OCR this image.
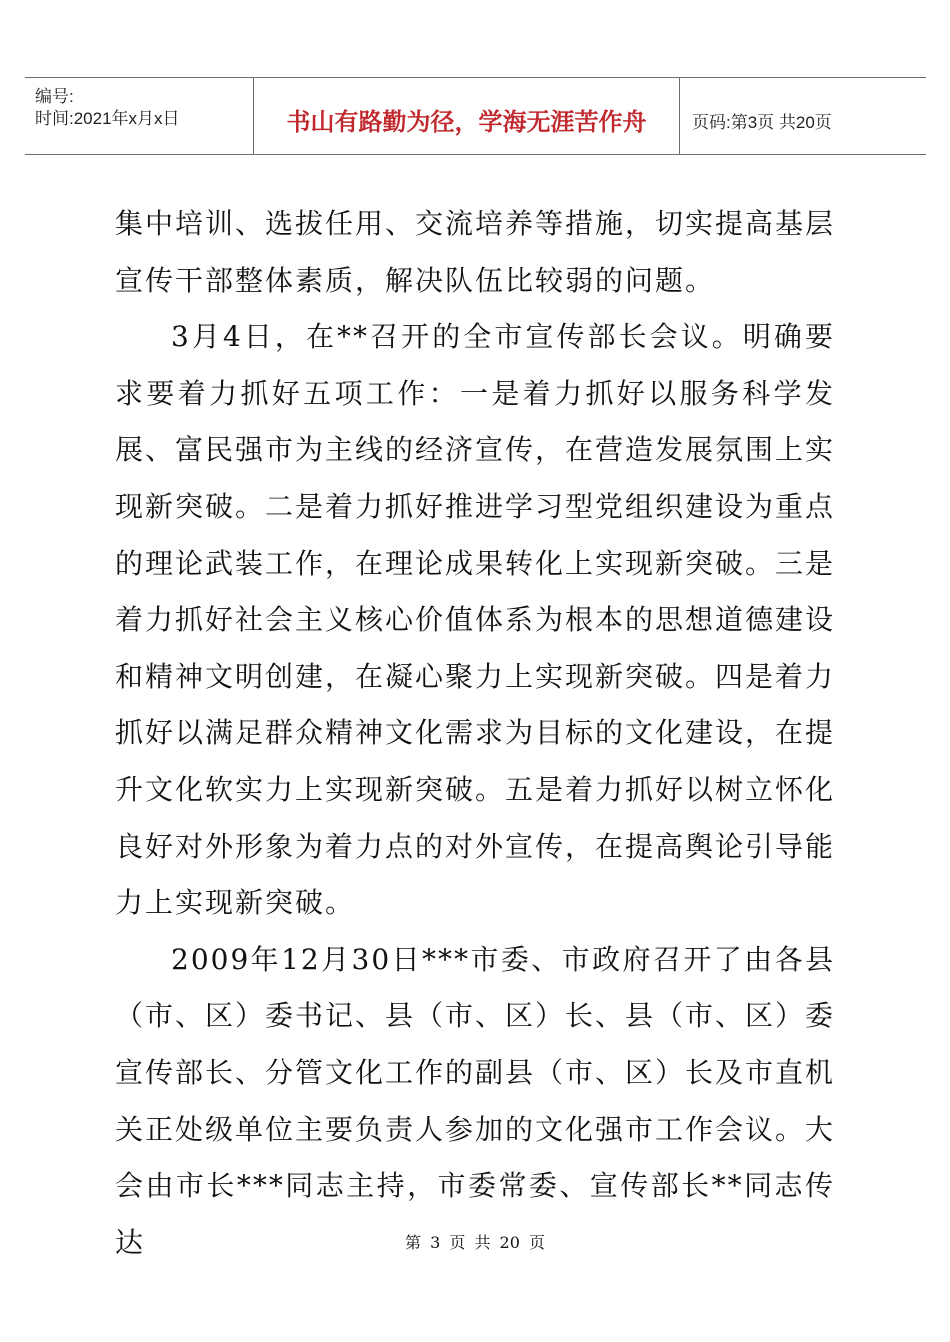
编号:
时间:2021年x月x日	书山有路勤为径，学海无涯苦作舟	页码:第3页 共20页

集中培训、选拔任用、交流培养等措施，切实提高基层宣传干部整体素质，解决队伍比较弱的问题。

3月4日，在**召开的全市宣传部长会议。明确要求要着力抓好五项工作：一是着力抓好以服务科学发展、富民强市为主线的经济宣传，在营造发展氛围上实现新突破。二是着力抓好推进学习型党组织建设为重点的理论武装工作，在理论成果转化上实现新突破。三是着力抓好社会主义核心价值体系为根本的思想道德建设和精神文明创建，在凝心聚力上实现新突破。四是着力抓好以满足群众精神文化需求为目标的文化建设，在提升文化软实力上实现新突破。五是着力抓好以树立怀化良好对外形象为着力点的对外宣传，在提高舆论引导能力上实现新突破。

2009年12月30日***市委、市政府召开了由各县（市、区）委书记、县（市、区）长、县（市、区）委宣传部长、分管文化工作的副县（市、区）长及市直机关正处级单位主要负责人参加的文化强市工作会议。大会由市长***同志主持，市委常委、宣传部长**同志传达	第 3 页 共 20 页
